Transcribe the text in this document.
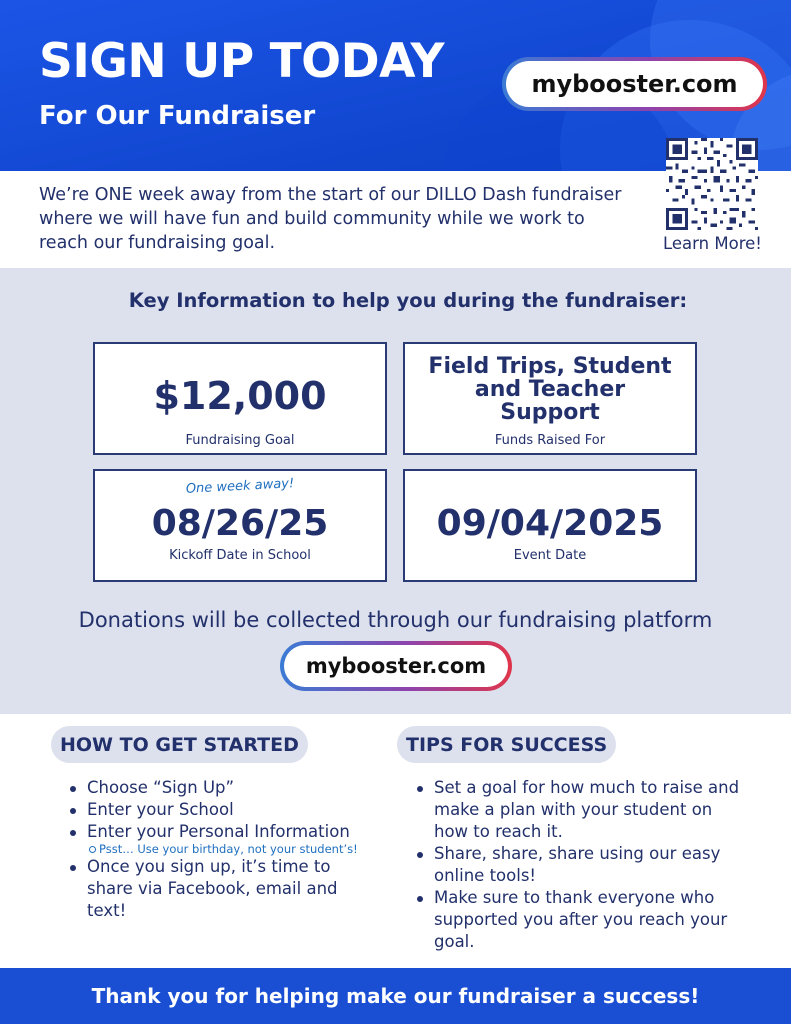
SIGN UP TODAY
For Our Fundraiser
mybooster.com
We’re ONE week away from the start of our DILLO Dash fundraiser where we will have fun and build community while we work to reach our fundraising goal.	Learn More!
Key Information to help you during the fundraiser:
$12,000
Fundraising Goal
Field Trips, Student and Teacher Support
Funds Raised For
One week away!
08/26/25
Kickoff Date in School
09/04/2025
Event Date
Donations will be collected through our fundraising platform
mybooster.com
HOW TO GET STARTED
Choose “Sign Up”
Enter your School
Enter your Personal Information
Psst… Use your birthday, not your student’s!
Once you sign up, it’s time to share via Facebook, email and text!
TIPS FOR SUCCESS
Set a goal for how much to raise and make a plan with your student on how to reach it.
Share, share, share using our easy online tools!
Make sure to thank everyone who supported you after you reach your goal.
Thank you for helping make our fundraiser a success!
